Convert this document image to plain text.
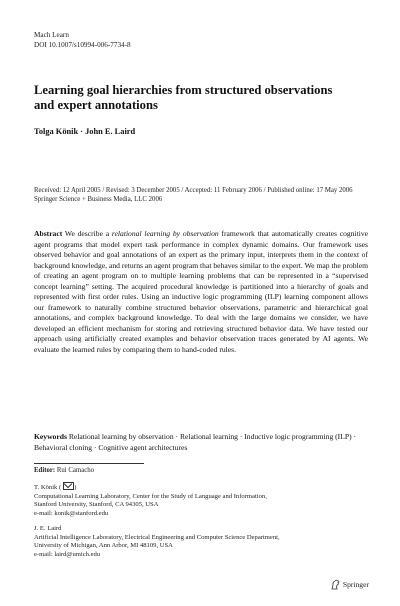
Mach Learn
DOI 10.1007/s10994-006-7734-8
Learning goal hierarchies from structured observations
and expert annotations
Tolga Könik · John E. Laird
Received: 12 April 2005 / Revised: 3 December 2005 / Accepted: 11 February 2006 / Published online: 17 May 2006
Springer Science + Business Media, LLC 2006
Abstract We describe a relational learning by observation framework that automatically creates cognitive agent programs that model expert task performance in complex dynamic domains. Our framework uses observed behavior and goal annotations of an expert as the primary input, interprets them in the context of background knowledge, and returns an agent program that behaves similar to the expert. We map the problem of creating an agent program on to multiple learning problems that can be represented in a “supervised concept learning” setting. The acquired procedural knowledge is partitioned into a hierarchy of goals and represented with first order rules. Using an inductive logic programming (ILP) learning component allows our framework to naturally combine structured behavior observations, parametric and hierarchical goal annotations, and complex background knowledge. To deal with the large domains we consider, we have developed an efficient mechanism for storing and retrieving structured behavior data. We have tested our approach using artificially created examples and behavior observation traces generated by AI agents. We evaluate the learned rules by comparing them to hand-coded rules.
Keywords Relational learning by observation · Relational learning · Inductive logic programming (ILP) · Behavioral cloning · Cognitive agent architectures
Editor: Rui Camacho
T. Könik ( )
Computational Learning Laboratory, Center for the Study of Language and Information,
Stanford University, Stanford, CA 94305, USA
e-mail: konik@stanford.edu
J. E. Laird
Artificial Intelligence Laboratory, Electrical Engineering and Computer Science Department,
University of Michigan, Ann Arbor, MI 48109, USA
e-mail: laird@umich.edu
Springer
